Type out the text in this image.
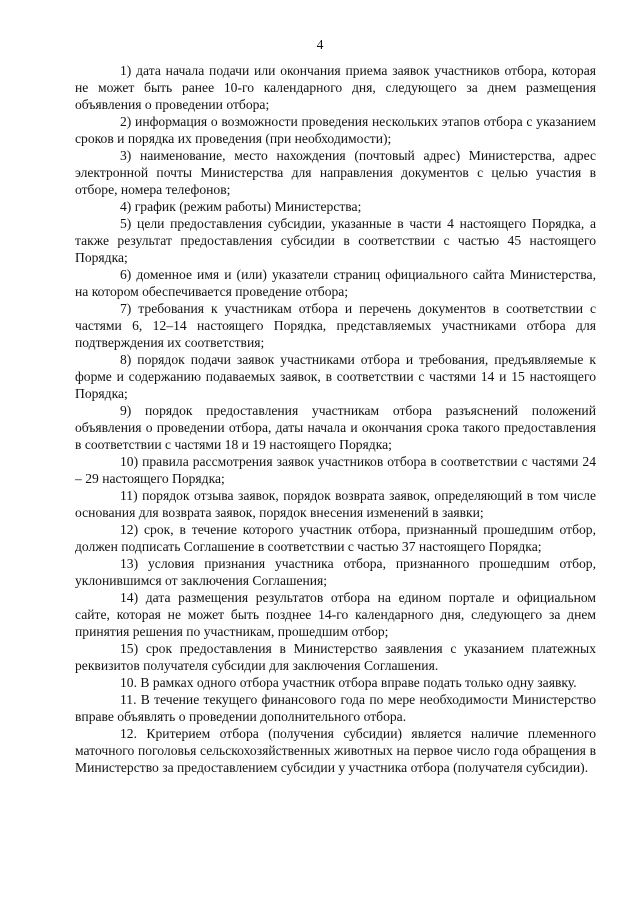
4

1) дата начала подачи или окончания приема заявок участников отбора, которая не может быть ранее 10-го календарного дня, следующего за днем размещения объявления о проведении отбора;

2) информация о возможности проведения нескольких этапов отбора с указанием сроков и порядка их проведения (при необходимости);

3) наименование, место нахождения (почтовый адрес) Министерства, адрес электронной почты Министерства для направления документов с целью участия в отборе, номера телефонов;

4) график (режим работы) Министерства;

5) цели предоставления субсидии, указанные в части 4 настоящего Порядка, а также результат предоставления субсидии в соответствии с частью 45 настоящего Порядка;

6) доменное имя и (или) указатели страниц официального сайта Министерства, на котором обеспечивается проведение отбора;

7) требования к участникам отбора и перечень документов в соответствии с частями 6, 12–14 настоящего Порядка, представляемых участниками отбора для подтверждения их соответствия;

8) порядок подачи заявок участниками отбора и требования, предъявляемые к форме и содержанию подаваемых заявок, в соответствии с частями 14 и 15 настоящего Порядка;

9) порядок предоставления участникам отбора разъяснений положений объявления о проведении отбора, даты начала и окончания срока такого предоставления в соответствии с частями 18 и 19 настоящего Порядка;

10) правила рассмотрения заявок участников отбора в соответствии с частями 24 – 29 настоящего Порядка;

11) порядок отзыва заявок, порядок возврата заявок, определяющий в том числе основания для возврата заявок, порядок внесения изменений в заявки;

12) срок, в течение которого участник отбора, признанный прошедшим отбор, должен подписать Соглашение в соответствии с частью 37 настоящего Порядка;

13) условия признания участника отбора, признанного прошедшим отбор, уклонившимся от заключения Соглашения;

14) дата размещения результатов отбора на едином портале и официальном сайте, которая не может быть позднее 14-го календарного дня, следующего за днем принятия решения по участникам, прошедшим отбор;

15) срок предоставления в Министерство заявления с указанием платежных реквизитов получателя субсидии для заключения Соглашения.

10. В рамках одного отбора участник отбора вправе подать только одну заявку.

11. В течение текущего финансового года по мере необходимости Министерство вправе объявлять о проведении дополнительного отбора.

12. Критерием отбора (получения субсидии) является наличие племенного маточного поголовья сельскохозяйственных животных на первое число года обращения в Министерство за предоставлением субсидии у участника отбора (получателя субсидии).
